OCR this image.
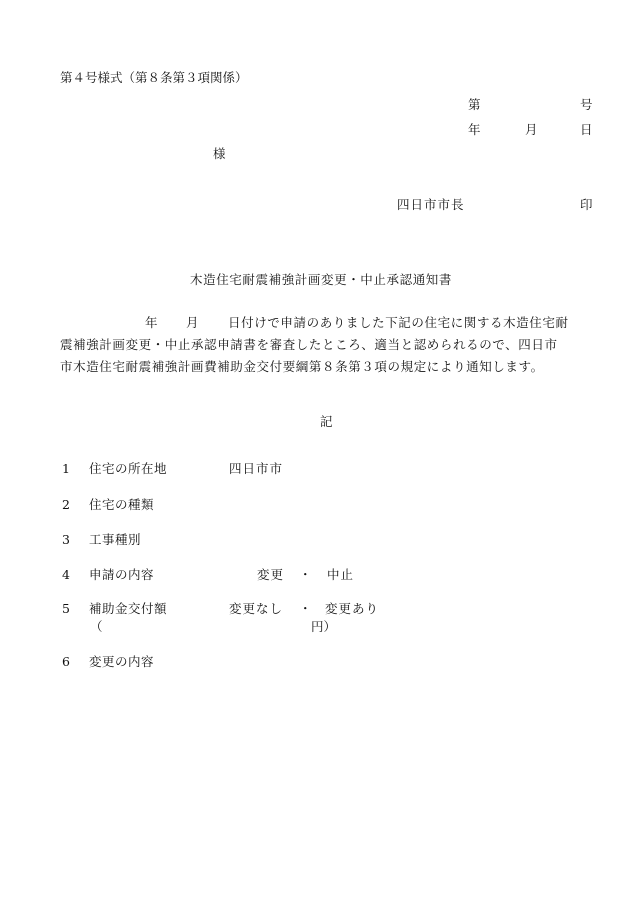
第４号様式（第８条第３項関係）
第	号
年	月	日
様
四日市市長	印
木造住宅耐震補強計画変更・中止承認通知書
年 月 日付けで申請のありました下記の住宅に関する木造住宅耐
震補強計画変更・中止承認申請書を審査したところ、適当と認められるので、四日市
市木造住宅耐震補強計画費補助金交付要綱第８条第３項の規定により通知します。
記
1 住宅の所在地	四日市市
2 住宅の種類
3 工事種別
4 申請の内容	変更 ・ 中止
5 補助金交付額	変更なし ・ 変更あり
（	円）
6 変更の内容
